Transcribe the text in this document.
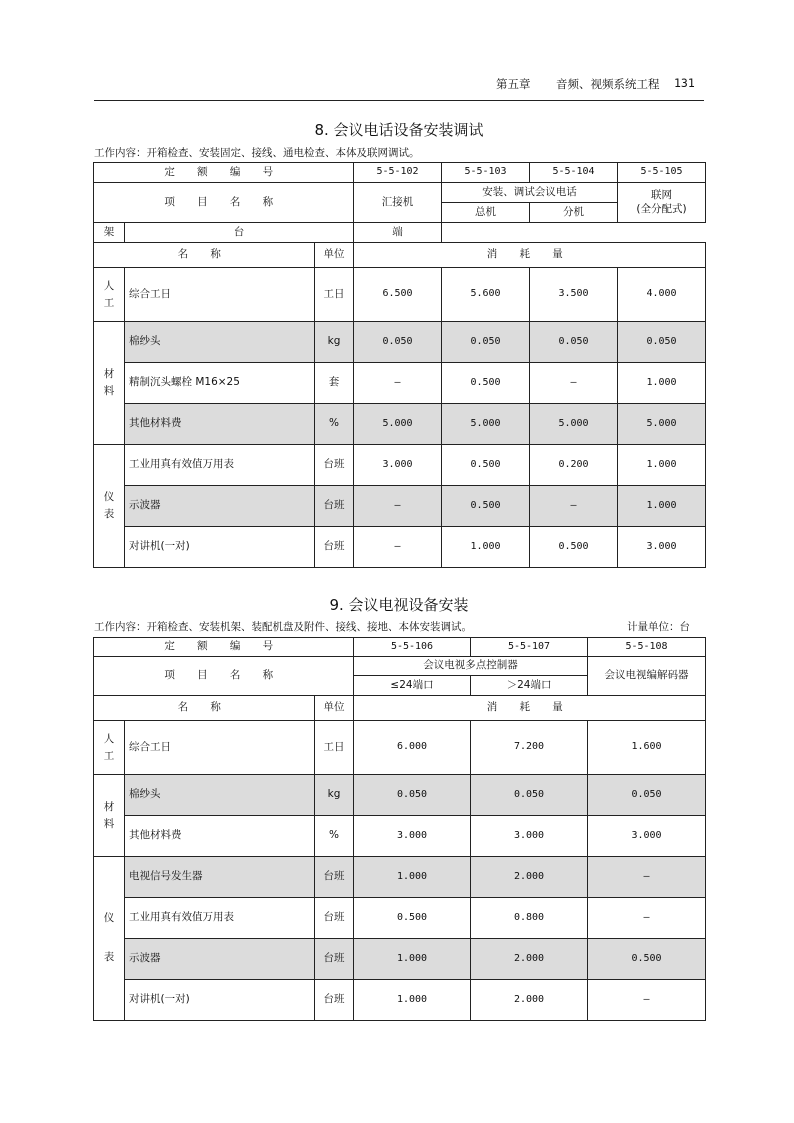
第五章 音频、视频系统工程 131
8. 会议电话设备安装调试
工作内容：开箱检查、安装固定、接线、通电检查、本体及联网调试。
定 额 编 号			5-5-102	5-5-103	5-5-104	5-5-105
项 目 名 称			汇接机	安装、调试会议电话		联网
(全分配式)
				总机	分机	
架	台		端			
名 称		单位	消 耗 量			
人
工	综合工日	工日	6.500	5.600	3.500	4.000
材
料	棉纱头	kg	0.050	0.050	0.050	0.050
	精制沉头螺栓 M16×25	套	—	0.500	—	1.000
	其他材料费	%	5.000	5.000	5.000	5.000
仪
表	工业用真有效值万用表	台班	3.000	0.500	0.200	1.000
	示波器	台班	—	0.500	—	1.000
	对讲机(一对)	台班	—	1.000	0.500	3.000
9. 会议电视设备安装
工作内容：开箱检查、安装机架、装配机盘及附件、接线、接地、本体安装调试。	计量单位：台
定 额 编 号			5-5-106	5-5-107	5-5-108
项 目 名 称			会议电视多点控制器		会议电视编解码器
			≤24端口	＞24端口	
名 称		单位	消 耗 量		
人
工	综合工日	工日	6.000	7.200	1.600
材
料	棉纱头	kg	0.050	0.050	0.050
	其他材料费	%	3.000	3.000	3.000
仪

表	电视信号发生器	台班	1.000	2.000	—
	工业用真有效值万用表	台班	0.500	0.800	—
	示波器	台班	1.000	2.000	0.500
	对讲机(一对)	台班	1.000	2.000	—
